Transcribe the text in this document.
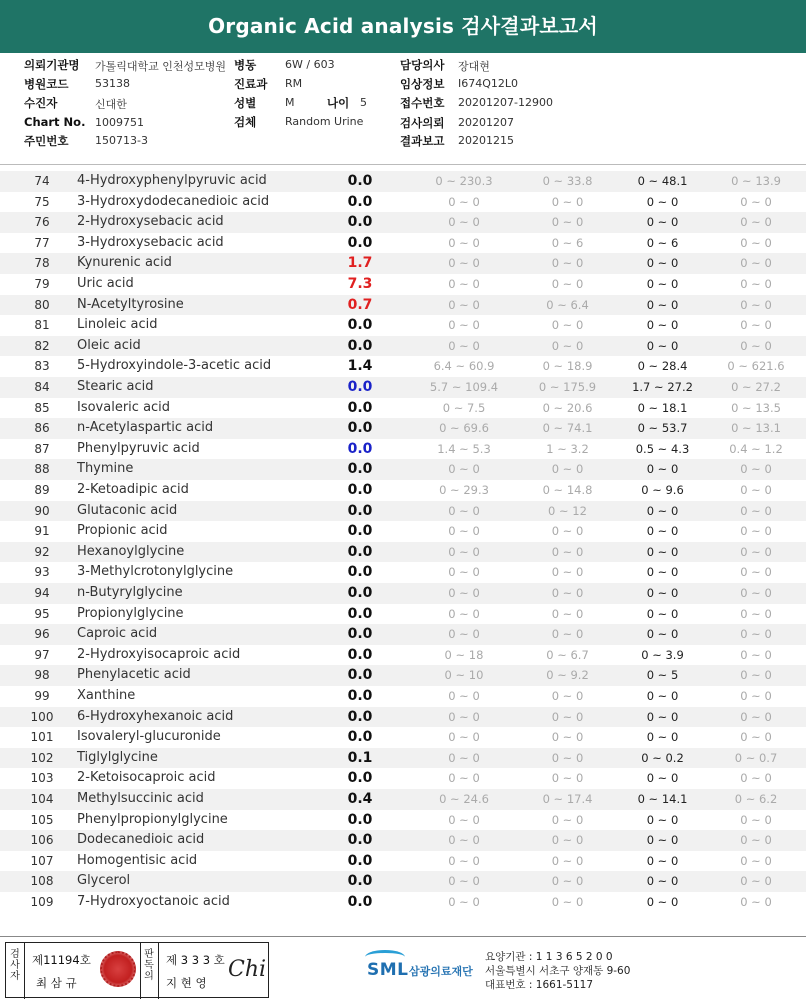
Organic Acid analysis 검사결과보고서
의뢰기관명 가톨릭대학교 인천성모병원 병동	6W / 603	담당의사 장대현
병원코드 53138	진료과 RM	임상정보 I674Q12L0
수진자	신대한	성별	M	나이 5	접수번호 20201207-12900
Chart No. 1009751	검체	Random Urine	검사의뢰 20201207
주민번호 150713-3	결과보고 20201215
74	4-Hydroxyphenylpyruvic acid	0.0	0 ~ 230.3	0 ~ 33.8	0 ~ 48.1	0 ~ 13.9
75	3-Hydroxydodecanedioic acid	0.0	0 ~ 0	0 ~ 0	0 ~ 0	0 ~ 0
76	2-Hydroxysebacic acid	0.0	0 ~ 0	0 ~ 0	0 ~ 0	0 ~ 0
77	3-Hydroxysebacic acid	0.0	0 ~ 0	0 ~ 6	0 ~ 6	0 ~ 0
78	Kynurenic acid	1.7	0 ~ 0	0 ~ 0	0 ~ 0	0 ~ 0
79	Uric acid	7.3	0 ~ 0	0 ~ 0	0 ~ 0	0 ~ 0
80	N-Acetyltyrosine	0.7	0 ~ 0	0 ~ 6.4	0 ~ 0	0 ~ 0
81	Linoleic acid	0.0	0 ~ 0	0 ~ 0	0 ~ 0	0 ~ 0
82	Oleic acid	0.0	0 ~ 0	0 ~ 0	0 ~ 0	0 ~ 0
83	5-Hydroxyindole-3-acetic acid	1.4	6.4 ~ 60.9	0 ~ 18.9	0 ~ 28.4	0 ~ 621.6
84	Stearic acid	0.0	5.7 ~ 109.4	0 ~ 175.9	1.7 ~ 27.2	0 ~ 27.2
85	Isovaleric acid	0.0	0 ~ 7.5	0 ~ 20.6	0 ~ 18.1	0 ~ 13.5
86	n-Acetylaspartic acid	0.0	0 ~ 69.6	0 ~ 74.1	0 ~ 53.7	0 ~ 13.1
87	Phenylpyruvic acid	0.0	1.4 ~ 5.3	1 ~ 3.2	0.5 ~ 4.3	0.4 ~ 1.2
88	Thymine	0.0	0 ~ 0	0 ~ 0	0 ~ 0	0 ~ 0
89	2-Ketoadipic acid	0.0	0 ~ 29.3	0 ~ 14.8	0 ~ 9.6	0 ~ 0
90	Glutaconic acid	0.0	0 ~ 0	0 ~ 12	0 ~ 0	0 ~ 0
91	Propionic acid	0.0	0 ~ 0	0 ~ 0	0 ~ 0	0 ~ 0
92	Hexanoylglycine	0.0	0 ~ 0	0 ~ 0	0 ~ 0	0 ~ 0
93	3-Methylcrotonylglycine	0.0	0 ~ 0	0 ~ 0	0 ~ 0	0 ~ 0
94	n-Butyrylglycine	0.0	0 ~ 0	0 ~ 0	0 ~ 0	0 ~ 0
95	Propionylglycine	0.0	0 ~ 0	0 ~ 0	0 ~ 0	0 ~ 0
96	Caproic acid	0.0	0 ~ 0	0 ~ 0	0 ~ 0	0 ~ 0
97	2-Hydroxyisocaproic acid	0.0	0 ~ 18	0 ~ 6.7	0 ~ 3.9	0 ~ 0
98	Phenylacetic acid	0.0	0 ~ 10	0 ~ 9.2	0 ~ 5	0 ~ 0
99	Xanthine	0.0	0 ~ 0	0 ~ 0	0 ~ 0	0 ~ 0
100	6-Hydroxyhexanoic acid	0.0	0 ~ 0	0 ~ 0	0 ~ 0	0 ~ 0
101	Isovaleryl-glucuronide	0.0	0 ~ 0	0 ~ 0	0 ~ 0	0 ~ 0
102	Tiglylglycine	0.1	0 ~ 0	0 ~ 0	0 ~ 0.2	0 ~ 0.7
103	2-Ketoisocaproic acid	0.0	0 ~ 0	0 ~ 0	0 ~ 0	0 ~ 0
104	Methylsuccinic acid	0.4	0 ~ 24.6	0 ~ 17.4	0 ~ 14.1	0 ~ 6.2
105	Phenylpropionylglycine	0.0	0 ~ 0	0 ~ 0	0 ~ 0	0 ~ 0
106	Dodecanedioic acid	0.0	0 ~ 0	0 ~ 0	0 ~ 0	0 ~ 0
107	Homogentisic acid	0.0	0 ~ 0	0 ~ 0	0 ~ 0	0 ~ 0
108	Glycerol	0.0	0 ~ 0	0 ~ 0	0 ~ 0	0 ~ 0
109	7-Hydroxyoctanoic acid	0.0	0 ~ 0	0 ~ 0	0 ~ 0	0 ~ 0
검사자
제11194호
최 삼 규
판독의
제 3 3 3 호
지 현 영
Chi	SML 삼광의료재단
요양기관 : 1 1 3 6 5 2 0 0
서울특별시 서초구 양재동 9-60
대표번호 : 1661-5117
